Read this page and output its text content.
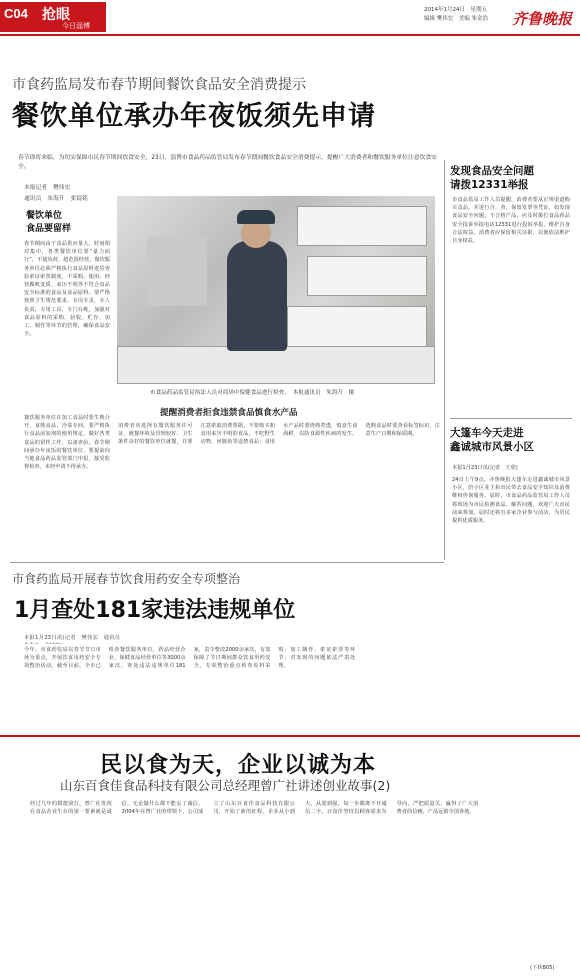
C04 抢眼
今日淄博
2014年1月24日　星期五
编辑 樊伟宏　美编 朱金浩 齐鲁晚报
市食药监局发布春节期间餐饮食品安全消费提示
餐饮单位承办年夜饭须先申请
春节即将来临，为切实保障市民春节期间饮食安全，23日，淄博市食品药品监管局发布春节期间餐饮食品安全消费提示，提醒广大消费者和餐饮服务单位注意饮食安全。
本报记者　樊伟宏
通讯员　朱海升　张镜铭
餐饮单位
食品要留样
春节期间由于食品供应量大，时间相对集中，各类餐饮单位要“量力而行”，不超负荷，超范围经营。餐饮服务单位必须严格执行食品原料进货查验索证索票制度，不采购、使用、经营腐败变质、来历不明等不符合食品安全标准的食品及食品原料，要严格按照卫生规范要求，专岗专责，专人负责，专用工具，专门台帐，加强对食品原料的采购、验收、贮存、加工、制作等环节的管理，确保食品安全。
餐饮服务单位在加工食品时要生熟分开，食熟食品、冷菜专间，要严格执行食品添加剂的使用规定，做好各类食品的留样工作，以备查验。春节期间承办年夜饭的餐饮单位，要提前向当地食品药品监管部门申报，接受监督检查，未经申请不得承办。
市食品药品监管局执法人员对商场中保健食品进行检查。　本报通讯员　朱海升　摄
提醒消费者拒食违禁食品慎食水产品
消费者应选择有餐饮服务许可证、就餐环境及管理较好、卫生条件良好的餐饮单位就餐，并要注意索取消费票据。不要购买和食用来历不明的食品，不吃野生动物、河豚鱼等违禁食品；食用水产品时要烧熟煮透，慎食生食海鲜，以防食源性疾病的发生。选购食品时要查看标签标识，注意生产日期和保质期。
发现食品安全问题
请拨12331举报
市食品监局工作人员提醒，消费者要从正规渠道购买食品，并进行合、查、保留发票等凭证，如发现食品安全问题，不合格产品，应及时拨打食品药品安全投诉举报电话12331进行投诉举报，维护自身合法权益。消费者应保留相关证据，以便依法维护自身权益。
大篷车今天走进
鑫诚城市风景小区
本报1月23日讯(记者　王欣)
24日上午9点，齐鲁晚报大篷车走进鑫诚城市风景小区，给小区业主和市民带去食品安全知识及消费维权咨询服务。届时，市食品药品监管局工作人员将现场为市民检测食品、解答问题，欢迎广大市民前来参加。届时还将有多家企业参与活动，为居民提供优质服务。
市食药监局开展春节饮食用药安全专项整治
1月查处181家违法违规单位
本报1月23日讯(记者　樊伟宏　通讯员　　
今年，市食药监局以春节节日市场为重点，开展饮食用药安全专项整治活动。截至目前，全市已检查餐饮服务单位、药品经营企业、保健食品经营单位等3000余家次，查处违法违规单位181家，责令整改2000余家次，有效保障了节日期间群众饮食用药安全。专项整治重点检查原料采购、加工制作、索证索票等环节，对发现的问题依法严肃处理。
民以食为天，企业以诚为本
山东百食佳食品科技有限公司总经理曾广社讲述创业故事(2)
经过几年的摸爬滚打，曾广社发现在食品企业生存的第一要素就是诚信，无论做什么都不能丢了诚信。2004年在曾广社的带领下，公司成立了山东百食佳食品科技有限公司，开始了新的征程。企业从小到大，从弱到强，每一步都离不开诚信二字。百食佳坚持以顾客需求为导向，严把质量关，赢得了广大消费者的信赖，产品远销全国各地。
(下转B05)
